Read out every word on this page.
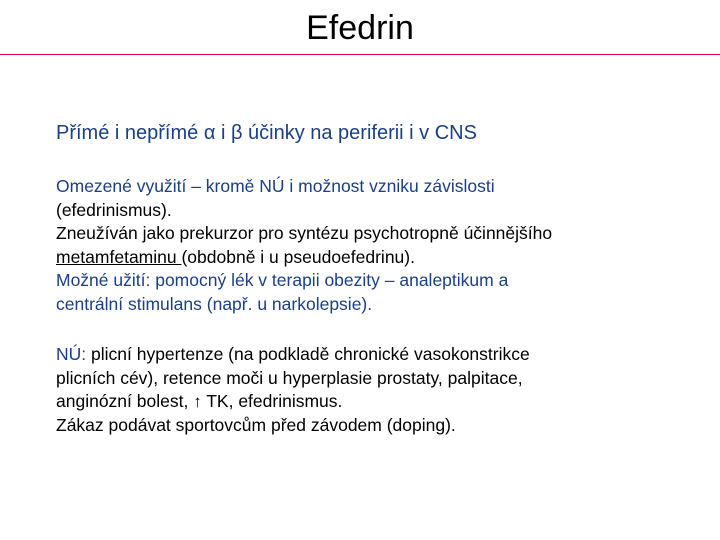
Efedrin
Přímé i nepřímé α i β účinky na periferii i v CNS
Omezené využití – kromě NÚ i možnost vzniku závislosti
(efedrinismus).
Zneužíván jako prekurzor pro syntézu psychotropně účinnějšího
metamfetaminu (obdobně i u pseudoefedrinu).
Možné užití: pomocný lék v terapii obezity – analeptikum a
centrální stimulans (např. u narkolepsie).
NÚ: plicní hypertenze (na podkladě chronické vasokonstrikce
plicních cév), retence moči u hyperplasie prostaty, palpitace,
anginózní bolest, ↑ TK, efedrinismus.
Zákaz podávat sportovcům před závodem (doping).
